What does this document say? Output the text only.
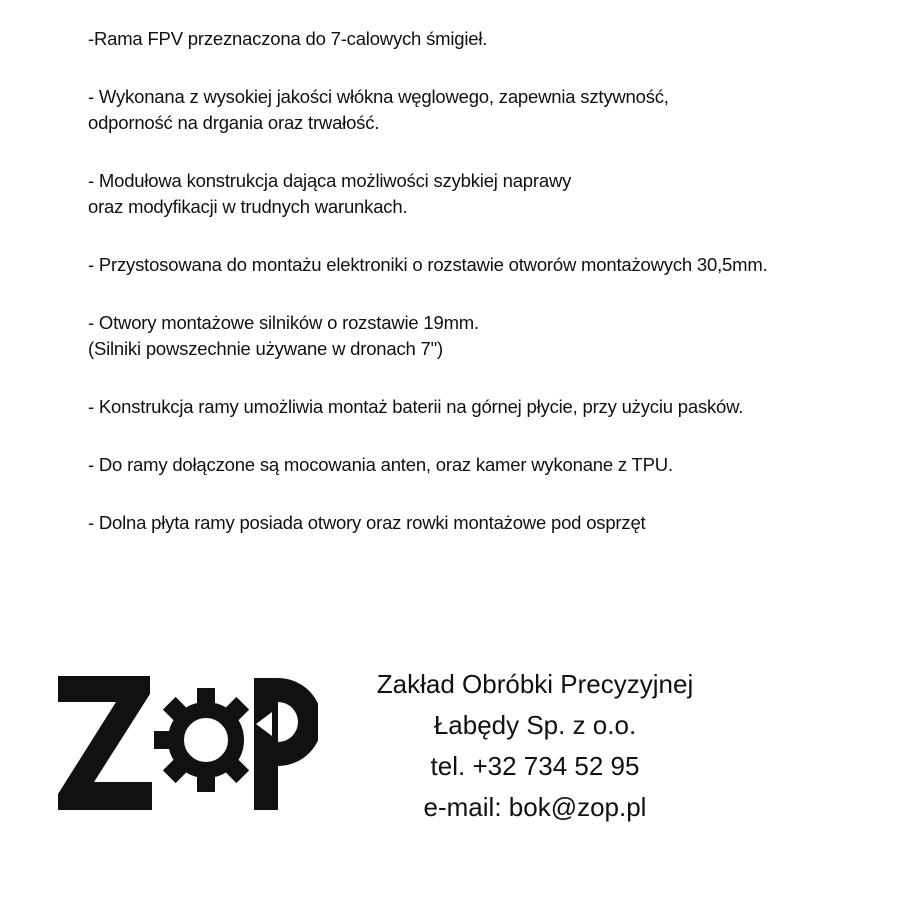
-Rama FPV przeznaczona do 7-calowych śmigieł.
- Wykonana z wysokiej jakości włókna węglowego, zapewnia sztywność,
odporność na drgania oraz trwałość.
- Modułowa konstrukcja dająca możliwości szybkiej naprawy
oraz modyfikacji w trudnych warunkach.
- Przystosowana do montażu elektroniki o rozstawie otworów montażowych 30,5mm.
- Otwory montażowe silników o rozstawie 19mm.
(Silniki powszechnie używane w dronach 7")
- Konstrukcja ramy umożliwia montaż baterii na górnej płycie, przy użyciu pasków.
- Do ramy dołączone są mocowania anten, oraz kamer wykonane z TPU.
- Dolna płyta ramy posiada otwory oraz rowki montażowe pod osprzęt
Zakład Obróbki Precyzyjnej
Łabędy Sp. z o.o.
tel. +32 734 52 95
e-mail: bok@zop.pl
